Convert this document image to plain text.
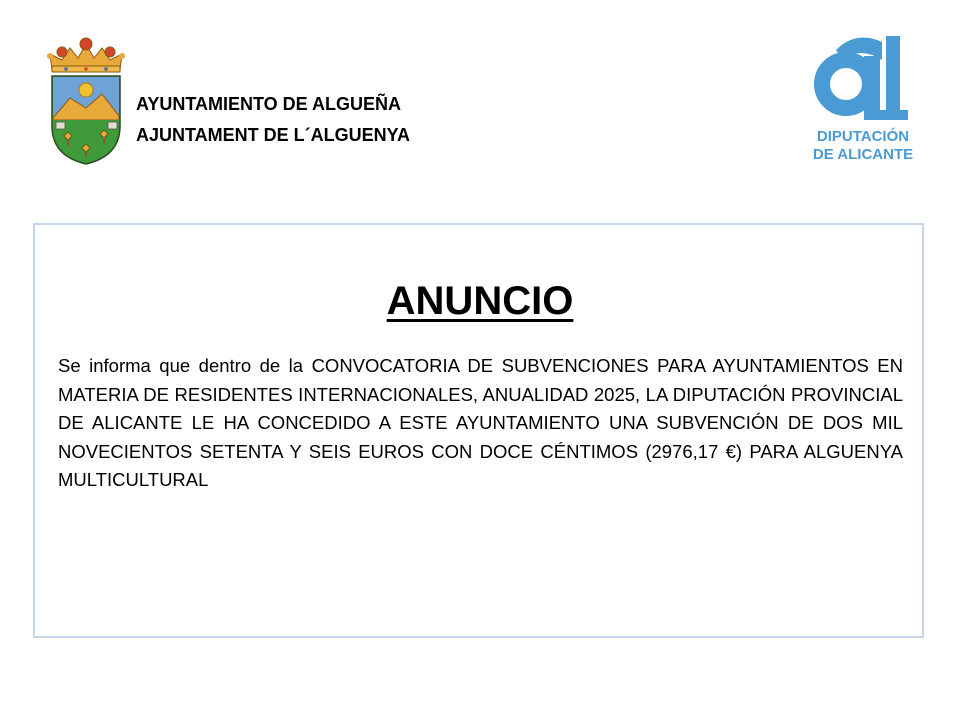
AYUNTAMIENTO DE ALGUEÑA
AJUNTAMENT DE L´ALGUENYA	DIPUTACIÓN
DE ALICANTE
ANUNCIO
Se informa que dentro de la CONVOCATORIA DE SUBVENCIONES PARA AYUNTAMIENTOS EN MATERIA DE RESIDENTES INTERNACIONALES, ANUALIDAD 2025, LA DIPUTACIÓN PROVINCIAL DE ALICANTE LE HA CONCEDIDO A ESTE AYUNTAMIENTO UNA SUBVENCIÓN DE DOS MIL NOVECIENTOS SETENTA Y SEIS EUROS CON DOCE CÉNTIMOS (2976,17 €) PARA ALGUENYA MULTICULTURAL
